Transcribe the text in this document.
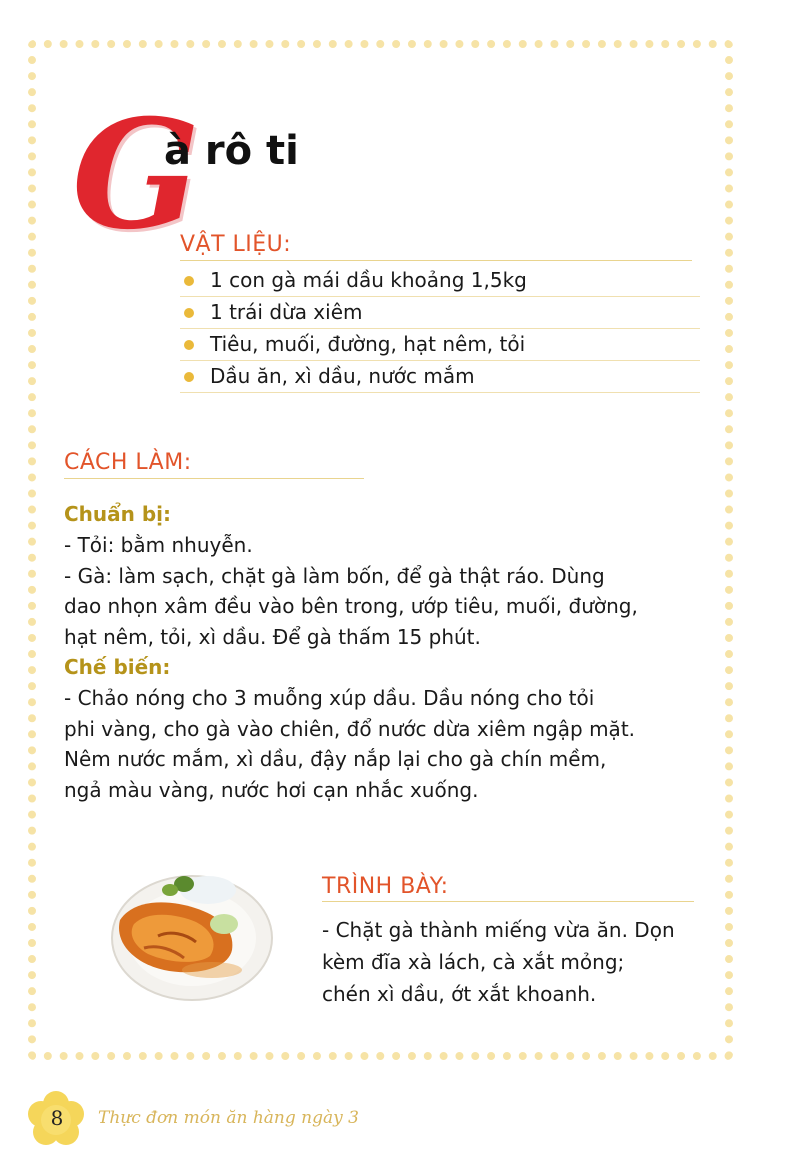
G
à rô ti
VẬT LIỆU:
1 con gà mái dầu khoảng 1,5kg
1 trái dừa xiêm
Tiêu, muối, đường, hạt nêm, tỏi
Dầu ăn, xì dầu, nước mắm
CÁCH LÀM:
Chuẩn bị:
- Tỏi: bằm nhuyễn.
- Gà: làm sạch, chặt gà làm bốn, để gà thật ráo. Dùng
dao nhọn xâm đều vào bên trong, ướp tiêu, muối, đường,
hạt nêm, tỏi, xì dầu. Để gà thấm 15 phút.
Chế biến:
- Chảo nóng cho 3 muỗng xúp dầu. Dầu nóng cho tỏi
phi vàng, cho gà vào chiên, đổ nước dừa xiêm ngập mặt.
Nêm nước mắm, xì dầu, đậy nắp lại cho gà chín mềm,
ngả màu vàng, nước hơi cạn nhắc xuống.
TRÌNH BÀY:
- Chặt gà thành miếng vừa ăn. Dọn
kèm đĩa xà lách, cà xắt mỏng;
chén xì dầu, ớt xắt khoanh.
8	Thực đơn món ăn hàng ngày 3
